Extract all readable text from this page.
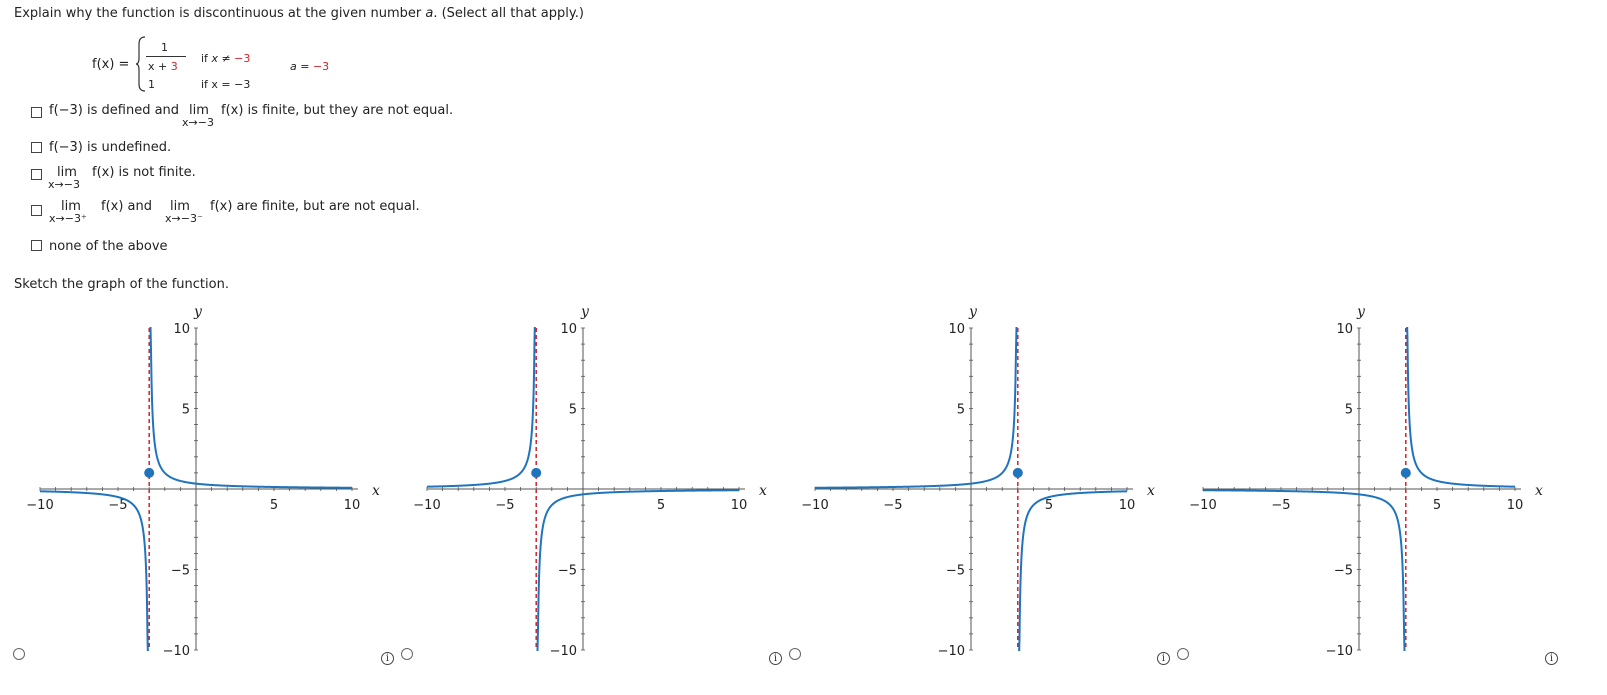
Explain why the function is discontinuous at the given number a. (Select all that apply.)
f(x) =
1
x + 3
if x ≠ −3
a = −3
1	if x = −3
f(−3) is defined and lim
x→−3
f(x) is finite, but they are not equal.
f(−3) is undefined.
lim
x→−3
f(x) is not finite.
lim
x→−3⁺
f(x) and lim
x→−3⁻
f(x) are finite, but are not equal.
none of the above
Sketch the graph of the function.
−10	−5	5	10
10
5
−5
−10
x
y
−10	−5	5	10
10
5
−5
−10
x
y
−10	−5	5	10
10
5
−5
−10
x
y
−10	−5	5	10
10
5
−5
−10
x
y
i	i	i	i
